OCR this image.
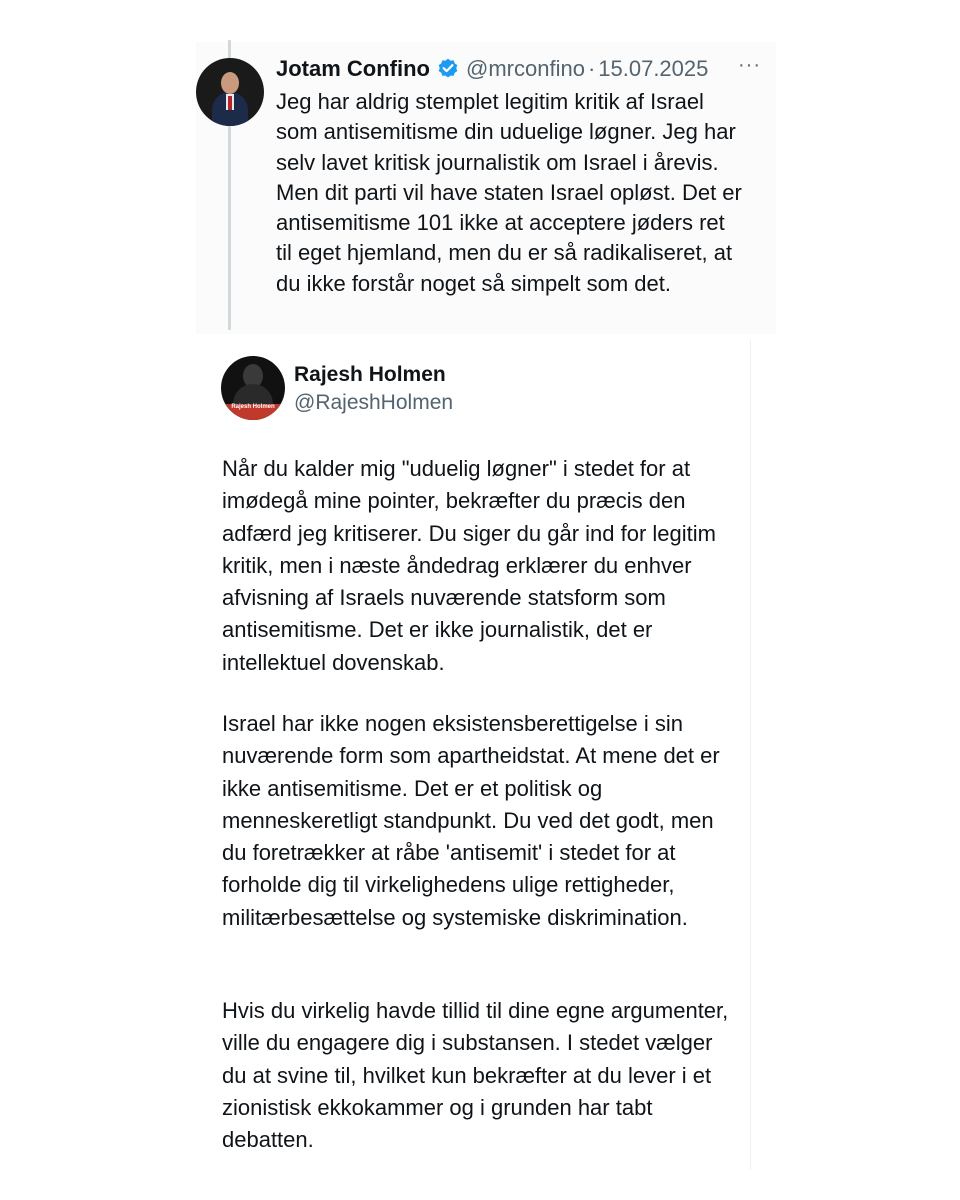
Jotam Confino @mrconfino · 15.07.2025 ···

Jeg har aldrig stemplet legitim kritik af Israel som antisemitisme din uduelige løgner. Jeg har selv lavet kritisk journalistik om Israel i årevis. Men dit parti vil have staten Israel opløst. Det er antisemitisme 101 ikke at acceptere jøders ret til eget hjemland, men du er så radikaliseret, at du ikke forstår noget så simpelt som det.

Rajesh Holmen
Rajesh Holmen
@RajeshHolmen

Når du kalder mig "uduelig løgner" i stedet for at imødegå mine pointer, bekræfter du præcis den adfærd jeg kritiserer. Du siger du går ind for legitim kritik, men i næste åndedrag erklærer du enhver afvisning af Israels nuværende statsform som antisemitisme. Det er ikke journalistik, det er intellektuel dovenskab.

Israel har ikke nogen eksistensberettigelse i sin nuværende form som apartheidstat. At mene det er ikke antisemitisme. Det er et politisk og menneskeretligt standpunkt. Du ved det godt, men du foretrækker at råbe 'antisemit' i stedet for at forholde dig til virkelighedens ulige rettigheder, militærbesættelse og systemiske diskrimination.

Hvis du virkelig havde tillid til dine egne argumenter, ville du engagere dig i substansen. I stedet vælger du at svine til, hvilket kun bekræfter at du lever i et zionistisk ekkokammer og i grunden har tabt debatten.
